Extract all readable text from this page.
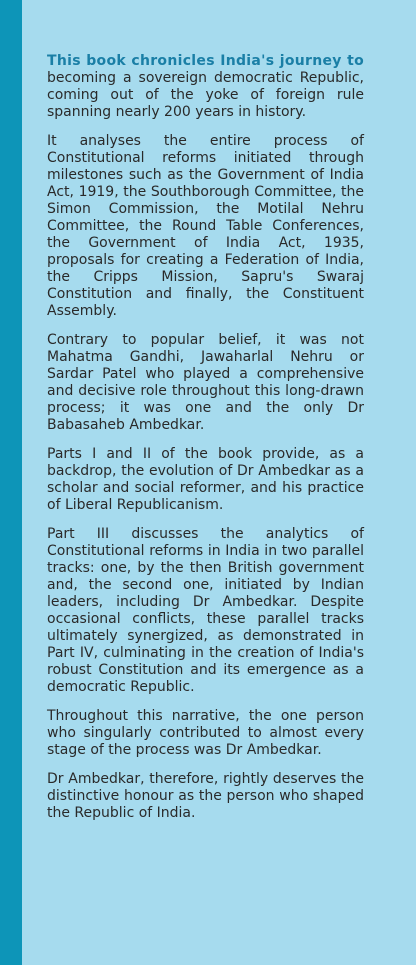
This book chronicles India's journey to becoming a sovereign democratic Republic, coming out of the yoke of foreign rule spanning nearly 200 years in history.

It analyses the entire process of Constitutional reforms initiated through milestones such as the Government of India Act, 1919, the Southborough Committee, the Simon Commission, the Motilal Nehru Committee, the Round Table Conferences, the Government of India Act, 1935, proposals for creating a Federation of India, the Cripps Mission, Sapru's Swaraj Constitution and finally, the Constituent Assembly.

Contrary to popular belief, it was not Mahatma Gandhi, Jawaharlal Nehru or Sardar Patel who played a comprehensive and decisive role throughout this long-drawn process; it was one and the only Dr Babasaheb Ambedkar.

Parts I and II of the book provide, as a backdrop, the evolution of Dr Ambedkar as a scholar and social reformer, and his practice of Liberal Republicanism.

Part III discusses the analytics of Constitutional reforms in India in two parallel tracks: one, by the then British government and, the second one, initiated by Indian leaders, including Dr Ambedkar. Despite occasional conflicts, these parallel tracks ultimately synergized, as demonstrated in Part IV, culminating in the creation of India's robust Constitution and its emergence as a democratic Republic.

Throughout this narrative, the one person who singularly contributed to almost every stage of the process was Dr Ambedkar.

Dr Ambedkar, therefore, rightly deserves the distinctive honour as the person who shaped the Republic of India.
